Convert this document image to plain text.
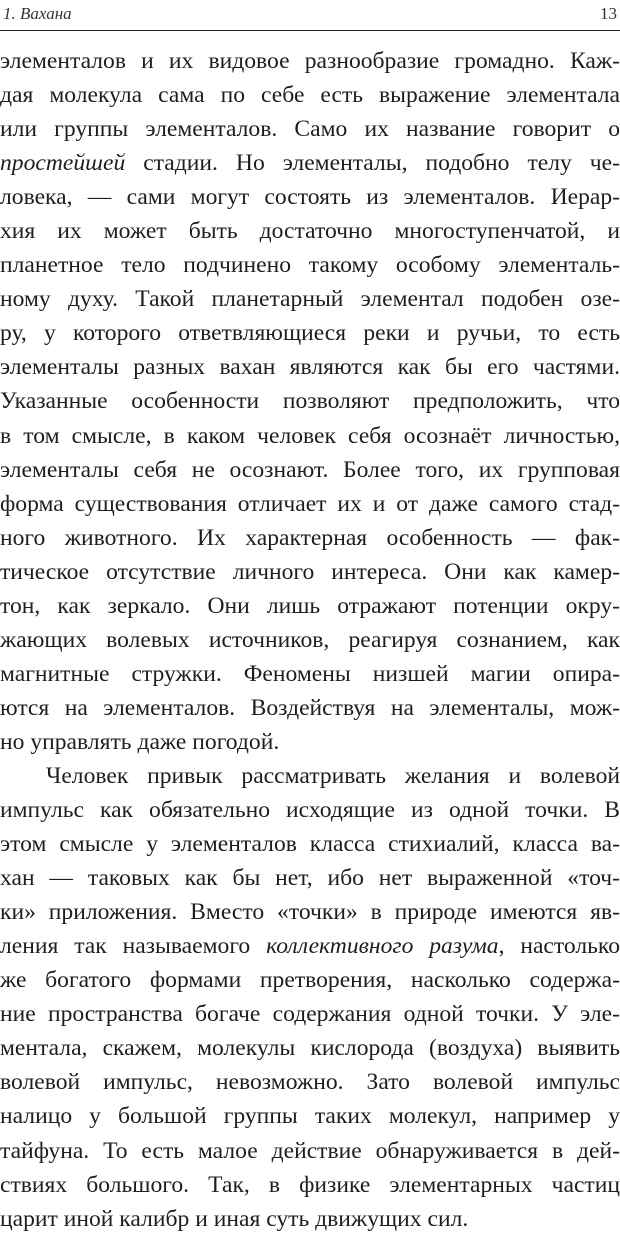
1. Вахана	13
элементалов и их видовое разнообразие громадно. Каж-
дая молекула сама по себе есть выражение элементала
или группы элементалов. Само их название говорит о
простейшей стадии. Но элементалы, подобно телу че-
ловека, — сами могут состоять из элементалов. Иерар-
хия их может быть достаточно многоступенчатой, и
планетное тело подчинено такому особому элементаль-
ному духу. Такой планетарный элементал подобен озе-
ру, у которого ответвляющиеся реки и ручьи, то есть
элементалы разных вахан являются как бы его частями.
Указанные особенности позволяют предположить, что
в том смысле, в каком человек себя осознаёт личностью,
элементалы себя не осознают. Более того, их групповая
форма существования отличает их и от даже самого стад-
ного животного. Их характерная особенность — фак-
тическое отсутствие личного интереса. Они как камер-
тон, как зеркало. Они лишь отражают потенции окру-
жающих волевых источников, реагируя сознанием, как
магнитные стружки. Феномены низшей магии опира-
ются на элементалов. Воздействуя на элементалы, мож-
но управлять даже погодой.
Человек привык рассматривать желания и волевой
импульс как обязательно исходящие из одной точки. В
этом смысле у элементалов класса стихиалий, класса ва-
хан — таковых как бы нет, ибо нет выраженной «точ-
ки» приложения. Вместо «точки» в природе имеются яв-
ления так называемого коллективного разума, настолько
же богатого формами претворения, насколько содержа-
ние пространства богаче содержания одной точки. У эле-
ментала, скажем, молекулы кислорода (воздуха) выявить
волевой импульс, невозможно. Зато волевой импульс
налицо у большой группы таких молекул, например у
тайфуна. То есть малое действие обнаруживается в дей-
ствиях большого. Так, в физике элементарных частиц
царит иной калибр и иная суть движущих сил.
